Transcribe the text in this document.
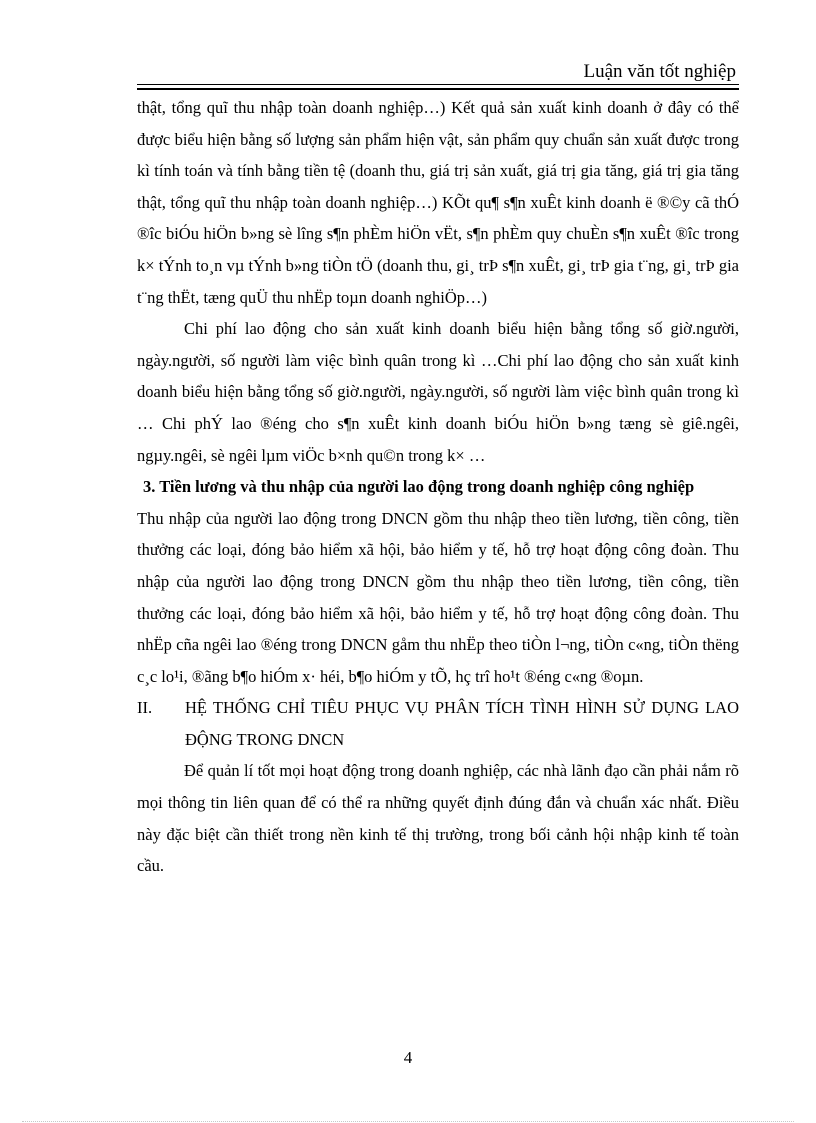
Luận văn tốt nghiệp

thật, tổng quĩ thu nhập toàn doanh nghiệp…) Kết quả sản xuất kinh doanh ở đây có thể được biểu hiện bằng số lượng sản phẩm hiện vật, sản phẩm quy chuẩn sản xuất được trong kì tính toán và tính bằng tiền tệ (doanh thu, giá trị sản xuất, giá trị gia tăng, giá trị gia tăng thật, tổng quĩ thu nhập toàn doanh nghiệp…) KÕt qu¶ s¶n xuÊt kinh doanh ë ®©y cã thÓ ®îc biÓu hiÖn b»ng sè lîng s¶n phÈm hiÖn vËt, s¶n phÈm quy chuÈn s¶n xuÊt ®îc trong k× tÝnh to¸n vµ tÝnh b»ng tiÒn tÖ (doanh thu, gi¸ trÞ s¶n xuÊt, gi¸ trÞ gia t¨ng, gi¸ trÞ gia t¨ng thËt, tæng quÜ thu nhËp toµn doanh nghiÖp…)

Chi phí lao động cho sản xuất kinh doanh biểu hiện bằng tổng số giờ.người, ngày.người, số người làm việc bình quân trong kì …Chi phí lao động cho sản xuất kinh doanh biểu hiện bằng tổng số giờ.người, ngày.người, số người làm việc bình quân trong kì … Chi phÝ lao ®éng cho s¶n xuÊt kinh doanh biÓu hiÖn b»ng tæng sè giê.ngêi, ngµy.ngêi, sè ngêi lµm viÖc b×nh qu©n trong k× …

3. Tiền lương và thu nhập của người lao động trong doanh nghiệp công nghiệp

Thu nhập của người lao động trong DNCN gồm thu nhập theo tiền lương, tiền công, tiền thưởng các loại, đóng bảo hiểm xã hội, bảo hiểm y tế, hỗ trợ hoạt động công đoàn. Thu nhập của người lao động trong DNCN gồm thu nhập theo tiền lương, tiền công, tiền thưởng các loại, đóng bảo hiểm xã hội, bảo hiểm y tế, hỗ trợ hoạt động công đoàn. Thu nhËp cña ngêi lao ®éng trong DNCN gåm thu nhËp theo tiÒn l¬ng, tiÒn c«ng, tiÒn thëng c¸c lo¹i, ®ãng b¶o hiÓm x· héi, b¶o hiÓm y tÕ, hç trî ho¹t ®éng c«ng ®oµn.

II.	HỆ THỐNG CHỈ TIÊU PHỤC VỤ PHÂN TÍCH TÌNH HÌNH SỬ DỤNG LAO ĐỘNG TRONG DNCN

Để quản lí tốt mọi hoạt động trong doanh nghiệp, các nhà lãnh đạo cần phải nắm rõ mọi thông tin liên quan để có thể ra những quyết định đúng đắn và chuẩn xác nhất. Điều này đặc biệt cần thiết trong nền kinh tế thị trường, trong bối cảnh hội nhập kinh tế toàn cầu.

4
